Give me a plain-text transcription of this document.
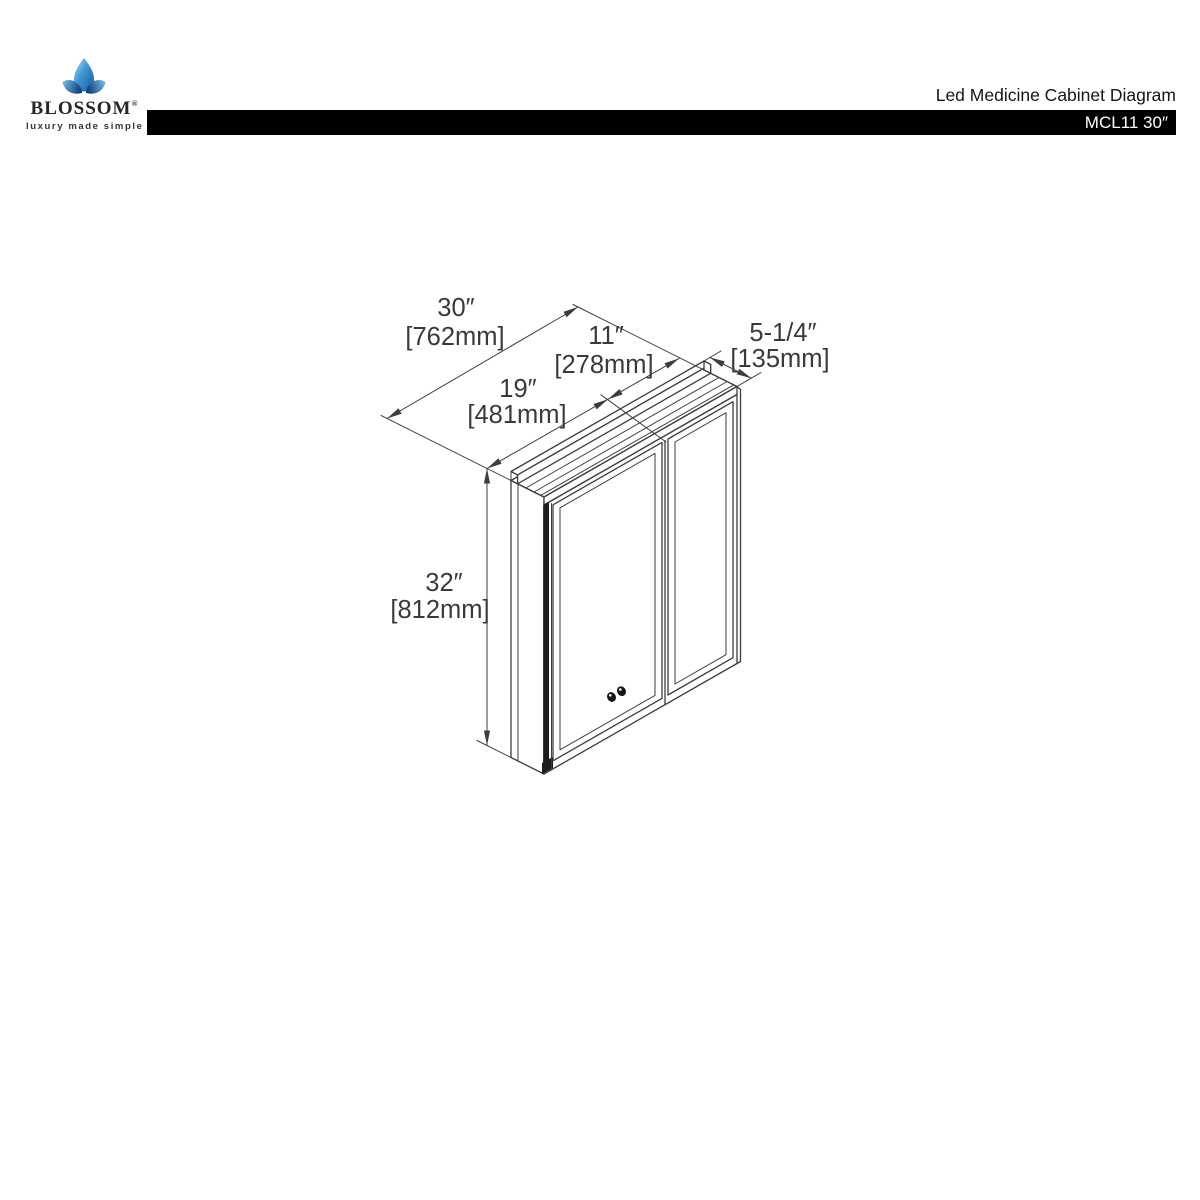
BLOSSOM®
luxury made simple
Led Medicine Cabinet Diagram
MCL11 30″
30″
[762mm]	11″
[278mm]
19″
[481mm]
5-1/4″
[135mm]
32″
[812mm]
